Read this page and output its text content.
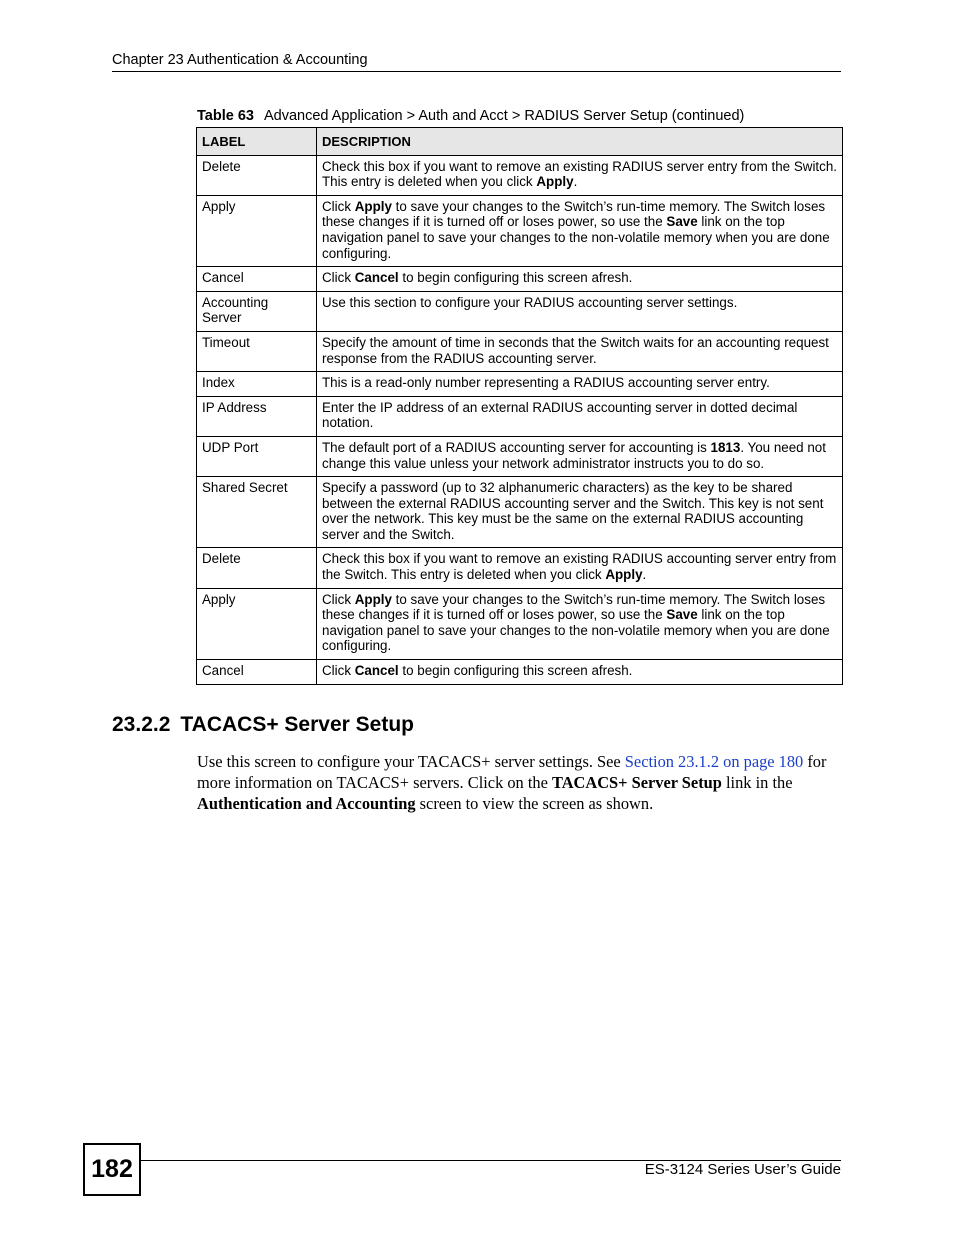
Chapter 23 Authentication & Accounting
Table 63 Advanced Application > Auth and Acct > RADIUS Server Setup (continued)
LABEL	DESCRIPTION
Delete	Check this box if you want to remove an existing RADIUS server entry from the Switch. This entry is deleted when you click Apply.
Apply	Click Apply to save your changes to the Switch’s run-time memory. The Switch loses these changes if it is turned off or loses power, so use the Save link on the top navigation panel to save your changes to the non-volatile memory when you are done configuring.
Cancel	Click Cancel to begin configuring this screen afresh.
Accounting Server	Use this section to configure your RADIUS accounting server settings.
Timeout	Specify the amount of time in seconds that the Switch waits for an accounting request response from the RADIUS accounting server.
Index	This is a read-only number representing a RADIUS accounting server entry.
IP Address	Enter the IP address of an external RADIUS accounting server in dotted decimal notation.
UDP Port	The default port of a RADIUS accounting server for accounting is 1813. You need not change this value unless your network administrator instructs you to do so.
Shared Secret	Specify a password (up to 32 alphanumeric characters) as the key to be shared between the external RADIUS accounting server and the Switch. This key is not sent over the network. This key must be the same on the external RADIUS accounting server and the Switch.
Delete	Check this box if you want to remove an existing RADIUS accounting server entry from the Switch. This entry is deleted when you click Apply.
Apply	Click Apply to save your changes to the Switch’s run-time memory. The Switch loses these changes if it is turned off or loses power, so use the Save link on the top navigation panel to save your changes to the non-volatile memory when you are done configuring.
Cancel	Click Cancel to begin configuring this screen afresh.
23.2.2 TACACS+ Server Setup

Use this screen to configure your TACACS+ server settings. See Section 23.1.2 on page 180 for more information on TACACS+ servers. Click on the TACACS+ Server Setup link in the Authentication and Accounting screen to view the screen as shown.

182	ES-3124 Series User’s Guide
